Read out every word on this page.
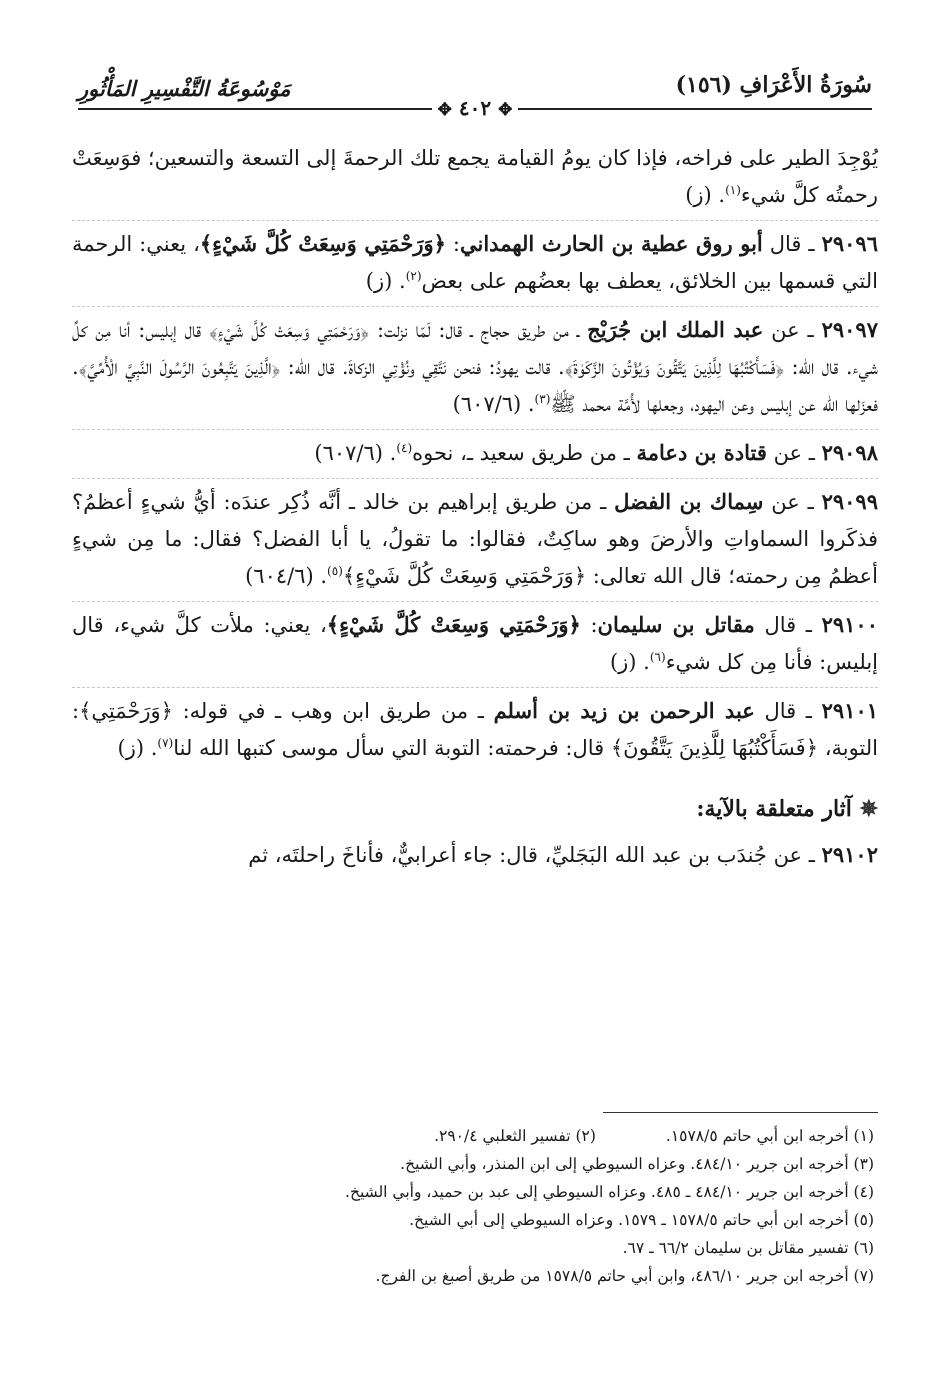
سُورَةُ الأَعْرَافِ (١٥٦)
مَوْسُوعَةُ التَّفْسِيرِ المَأْثُورِ
✥ ٤٠٢ ✥
يُوْجِدَ الطير على فراخه، فإذا كان يومُ القيامة يجمع تلك الرحمةَ إلى التسعة والتسعين؛ فوَسِعَتْ رحمتُه كلَّ شيء$^{(١)}$. (ز)
٢٩٠٩٦ ـ قال أبو روق عطية بن الحارث الهمداني: ﴿وَرَحْمَتِي وَسِعَتْ كُلَّ شَيْءٍ﴾، يعني: الرحمة التي قسمها بين الخلائق، يعطف بها بعضُهم على بعض$^{(٢)}$. (ز)
٢٩٠٩٧ ـ عن عبد الملك ابن جُرَيْج ـ من طريق حجاج ـ قال: لَمّا نزلت: ﴿وَرَحْمَتِي وَسِعَتْ كُلَّ شَيْءٍ﴾ قال إبليس: أنا مِن كلِّ شيء. قال الله: ﴿فَسَأَكْتُبُهَا لِلَّذِينَ يَتَّقُونَ وَيُؤْتُونَ الزَّكَوٰةَ﴾. قالت يهودُ: فنحن نَتَّقِي ونُؤْتِي الزكاةَ. قال الله: ﴿الَّذِينَ يَتَّبِعُونَ الرَّسُولَ النَّبِيَّ الْأُمِّيَّ﴾. فعزَلها الله عن إبليس وعن اليهود، وجعلها لأُمَّة محمد ﷺ$^{(٣)}$. (٦٠٧/٦)
٢٩٠٩٨ ـ عن قتادة بن دعامة ـ من طريق سعيد ـ، نحوه$^{(٤)}$. (٦٠٧/٦)
٢٩٠٩٩ ـ عن سِماك بن الفضل ـ من طريق إبراهيم بن خالد ـ أنَّه ذُكِر عندَه: أيُّ شيءٍ أعظمُ؟ فذكَروا السماواتِ والأرضَ وهو ساكِتٌ، فقالوا: ما تقولُ، يا أبا الفضل؟ فقال: ما مِن شيءٍ أعظمُ مِن رحمته؛ قال الله تعالى: ﴿وَرَحْمَتِي وَسِعَتْ كُلَّ شَيْءٍ﴾$^{(٥)}$. (٦٠٤/٦)
٢٩١٠٠ ـ قال مقاتل بن سليمان: ﴿وَرَحْمَتِي وَسِعَتْ كُلَّ شَيْءٍ﴾، يعني: ملأت كلَّ شيء، قال إبليس: فأنا مِن كل شيء$^{(٦)}$. (ز)
٢٩١٠١ ـ قال عبد الرحمن بن زيد بن أسلم ـ من طريق ابن وهب ـ في قوله: ﴿وَرَحْمَتِي﴾: التوبة، ﴿فَسَأَكْتُبُهَا لِلَّذِينَ يَتَّقُونَ﴾ قال: فرحمته: التوبة التي سأل موسى كتبها الله لنا$^{(٧)}$. (ز)
✵ آثار متعلقة بالآية:
٢٩١٠٢ ـ عن جُندَب بن عبد الله البَجَليِّ، قال: جاء أعرابيٌّ، فأناخَ راحلتَه، ثم
(١) أخرجه ابن أبي حاتم ١٥٧٨/٥.(٢) تفسير الثعلبي ٢٩٠/٤.
(٣) أخرجه ابن جرير ٤٨٤/١٠. وعزاه السيوطي إلى ابن المنذر، وأبي الشيخ.
(٤) أخرجه ابن جرير ٤٨٤/١٠ ـ ٤٨٥. وعزاه السيوطي إلى عبد بن حميد، وأبي الشيخ.
(٥) أخرجه ابن أبي حاتم ١٥٧٨/٥ ـ ١٥٧٩. وعزاه السيوطي إلى أبي الشيخ.
(٦) تفسير مقاتل بن سليمان ٦٦/٢ ـ ٦٧.
(٧) أخرجه ابن جرير ٤٨٦/١٠، وابن أبي حاتم ١٥٧٨/٥ من طريق أصبغ بن الفرج.
